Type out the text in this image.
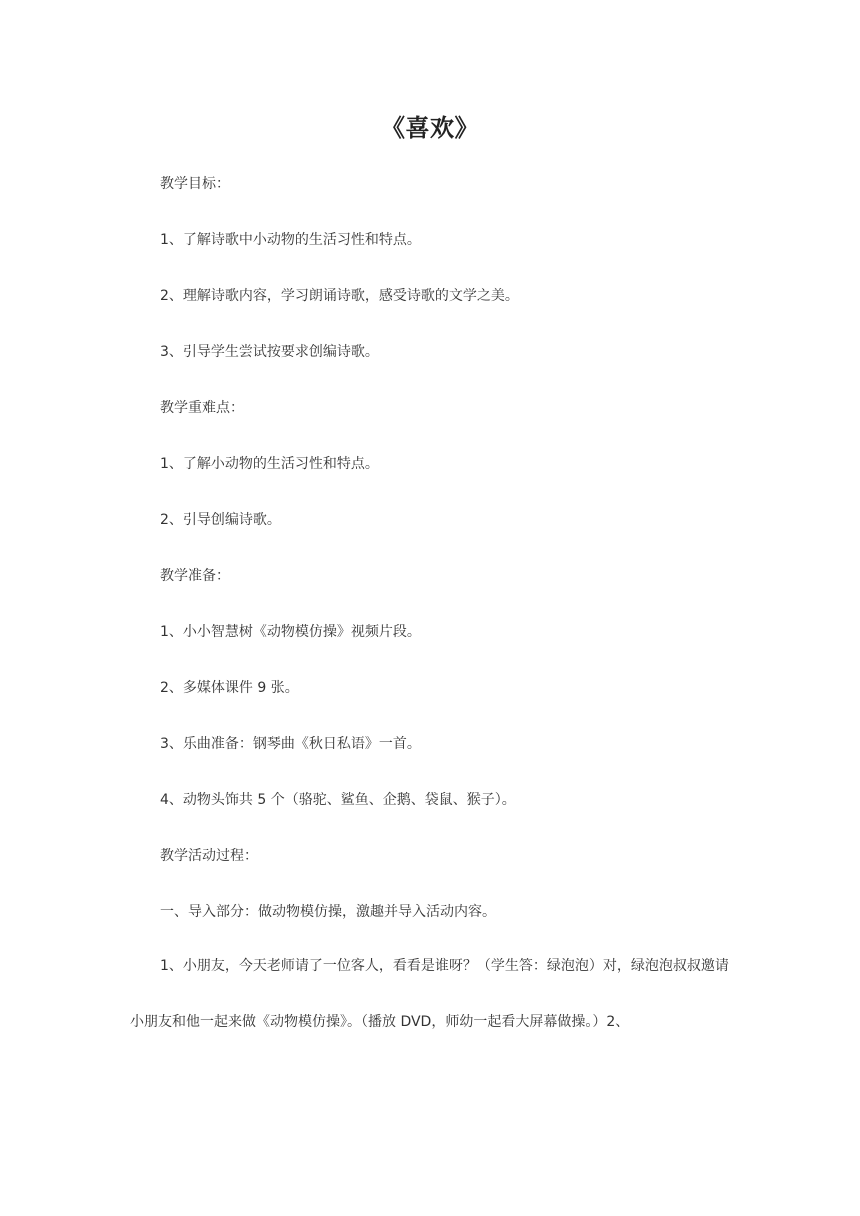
《喜欢》
教学目标：
1、了解诗歌中小动物的生活习性和特点。
2、理解诗歌内容，学习朗诵诗歌，感受诗歌的文学之美。
3、引导学生尝试按要求创编诗歌。
教学重难点：
1、了解小动物的生活习性和特点。
2、引导创编诗歌。
教学准备：
1、小小智慧树《动物模仿操》视频片段。
2、多媒体课件 9 张。
3、乐曲准备：钢琴曲《秋日私语》一首。
4、动物头饰共 5 个（骆驼、鲨鱼、企鹅、袋鼠、猴子）。
教学活动过程：
一、导入部分：做动物模仿操，激趣并导入活动内容。
1、小朋友，今天老师请了一位客人，看看是谁呀？（学生答：绿泡泡）对，绿泡泡叔叔邀请小朋友和他一起来做《动物模仿操》。（播放 DVD，师幼一起看大屏幕做操。）2、
